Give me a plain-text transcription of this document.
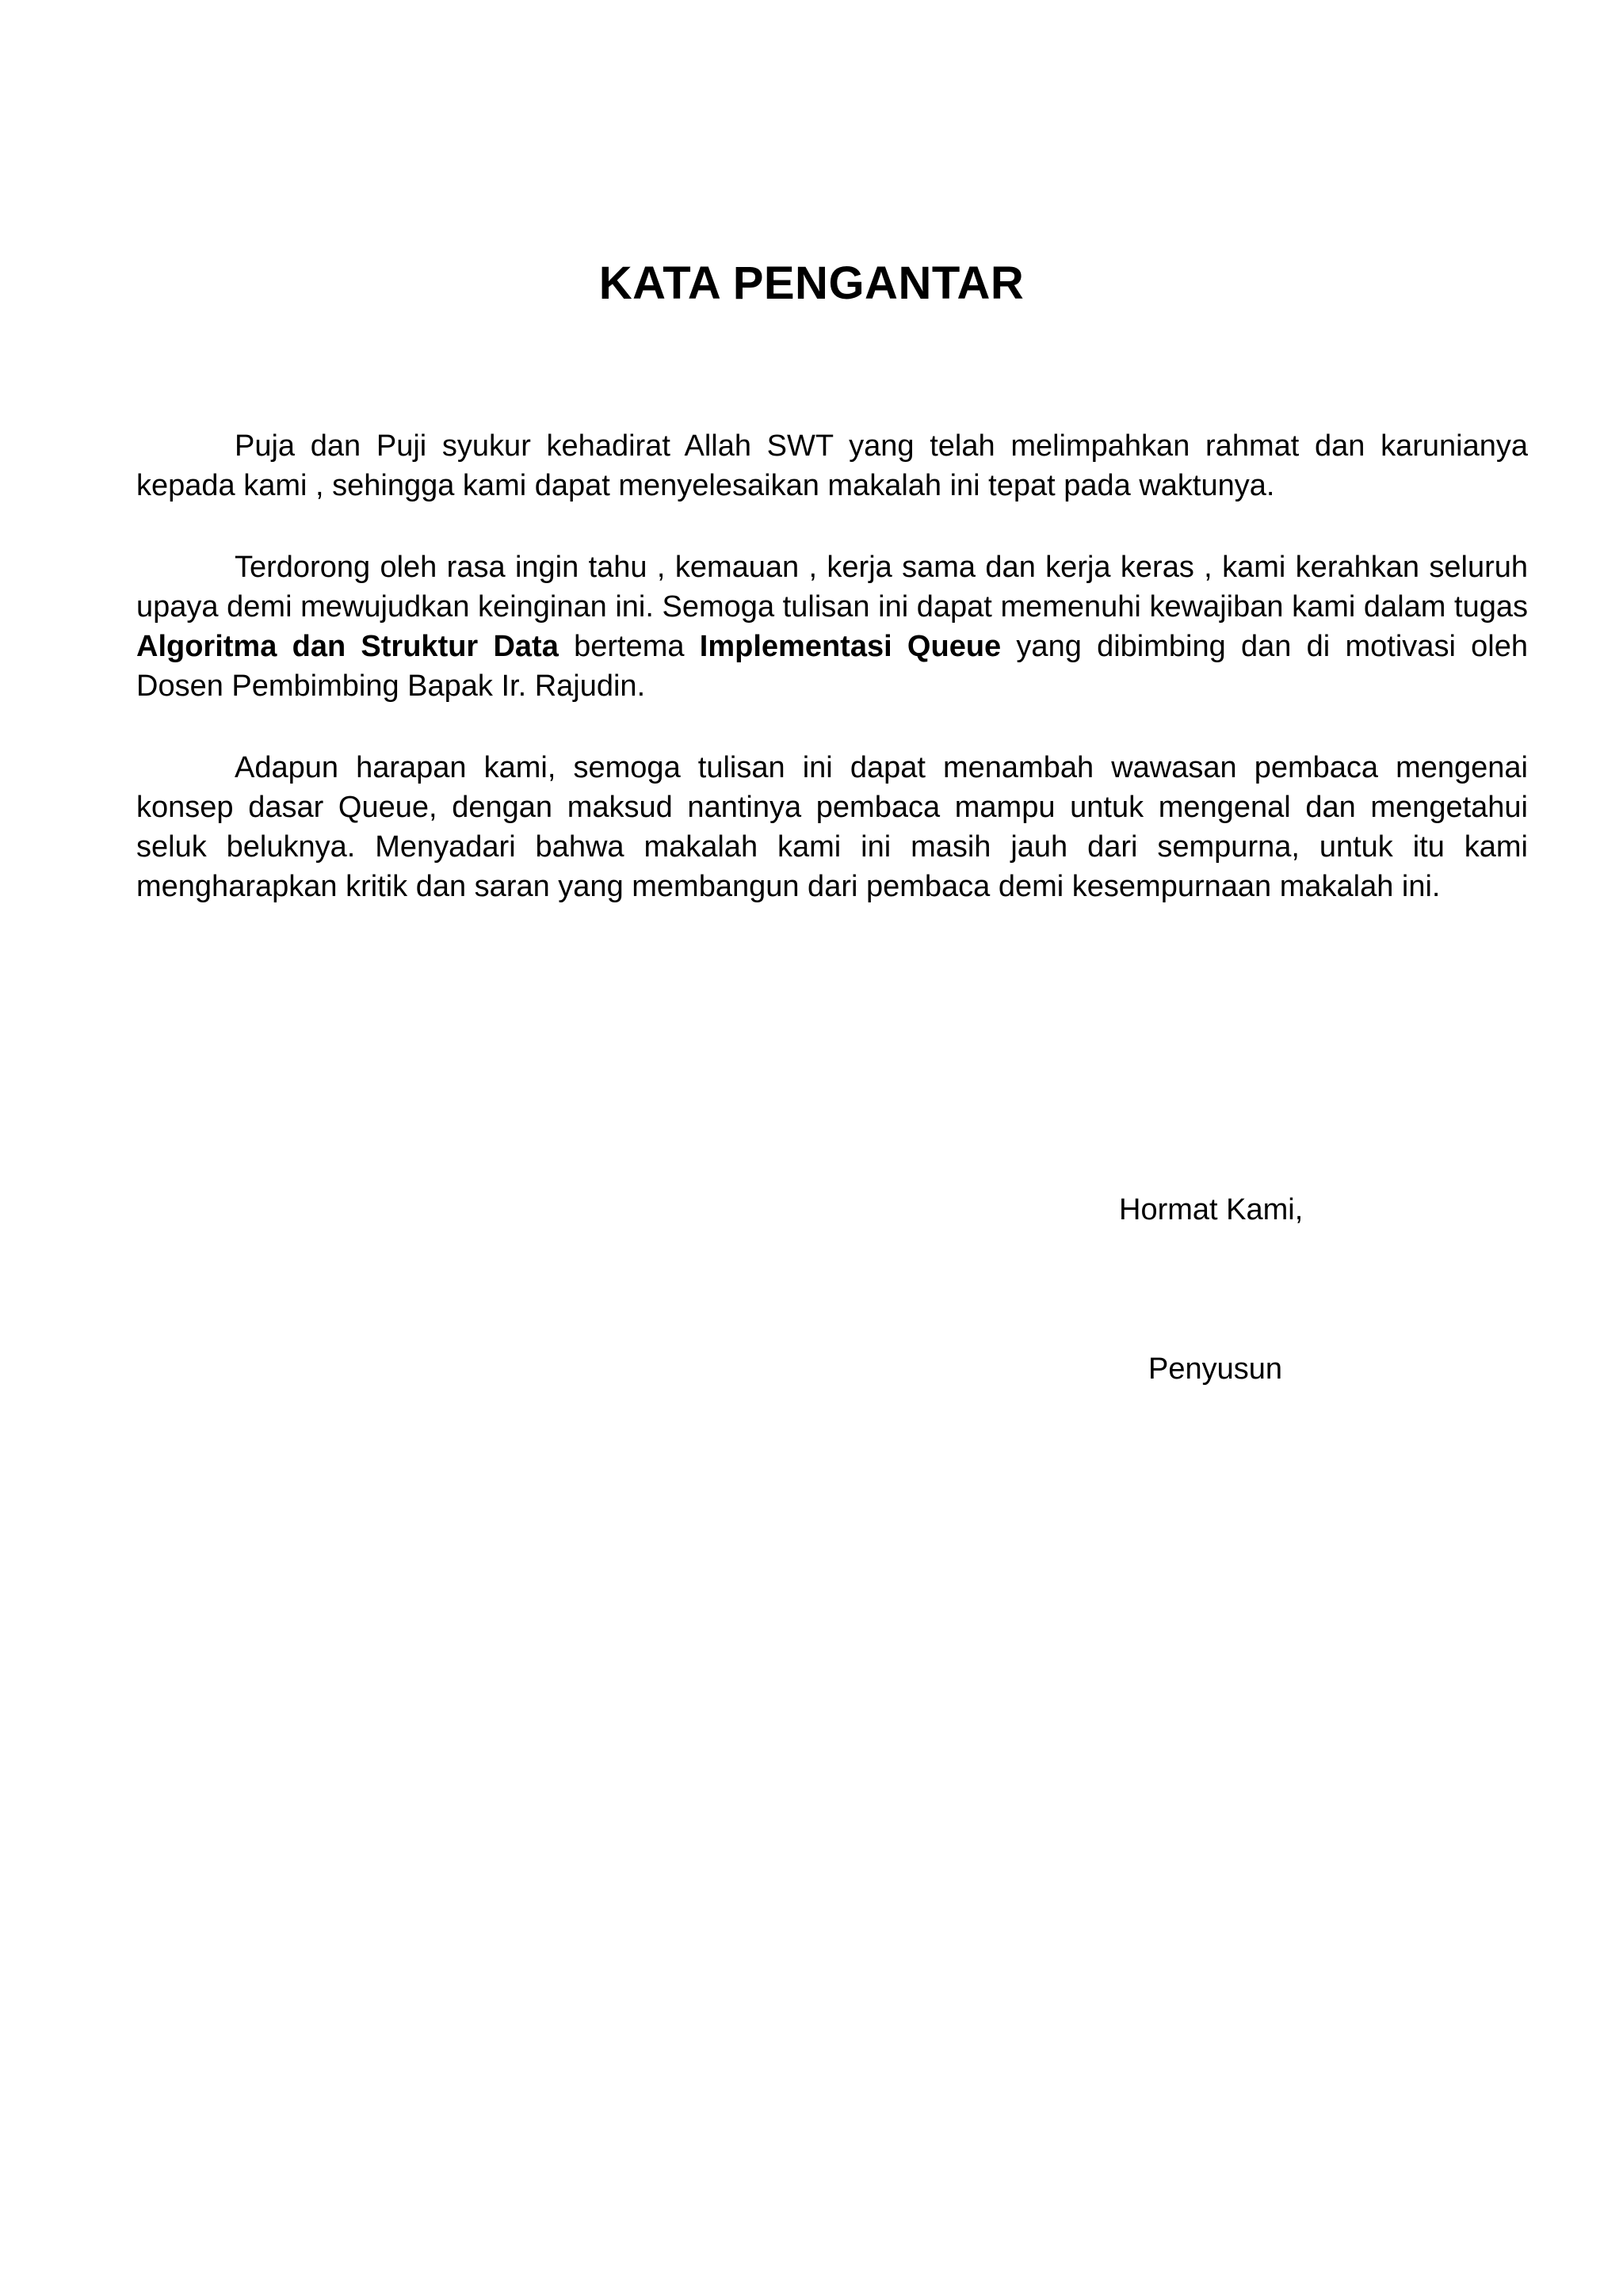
KATA PENGANTAR

Puja dan Puji syukur kehadirat Allah SWT yang telah melimpahkan rahmat dan karunianya kepada kami , sehingga kami dapat menyelesaikan makalah ini tepat pada waktunya.

Terdorong oleh rasa ingin tahu , kemauan , kerja sama dan kerja keras , kami kerahkan seluruh upaya demi mewujudkan keinginan ini. Semoga tulisan ini dapat memenuhi kewajiban kami dalam tugas Algoritma dan Struktur Data bertema Implementasi Queue yang dibimbing dan di motivasi oleh Dosen Pembimbing Bapak Ir. Rajudin.

Adapun harapan kami, semoga tulisan ini dapat menambah wawasan pembaca mengenai konsep dasar Queue, dengan maksud nantinya pembaca mampu untuk mengenal dan mengetahui seluk beluknya. Menyadari bahwa makalah kami ini masih jauh dari sempurna, untuk itu kami mengharapkan kritik dan saran yang membangun dari pembaca demi kesempurnaan makalah ini.

Hormat Kami,
Penyusun
